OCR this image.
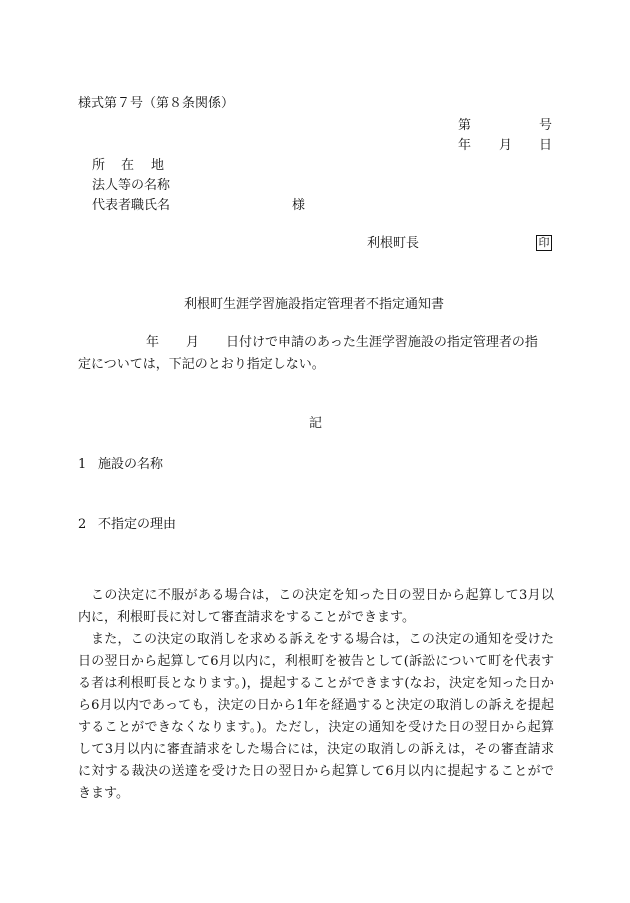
様式第７号（第８条関係）
第	号
年 月 日
所 在 地
法人等の名称
代表者職氏名	様
利根町長	印
利根町生涯学習施設指定管理者不指定通知書
年 月 日付けで申請のあった生涯学習施設の指定管理者の指
定については，下記のとおり指定しない。
記
1 施設の名称
2 不指定の理由

この決定に不服がある場合は，この決定を知った日の翌日から起算して3月以内に，利根町長に対して審査請求をすることができます。

また，この決定の取消しを求める訴えをする場合は，この決定の通知を受けた日の翌日から起算して6月以内に，利根町を被告として(訴訟について町を代表する者は利根町長となります。)，提起することができます(なお，決定を知った日から6月以内であっても，決定の日から1年を経過すると決定の取消しの訴えを提起することができなくなります。)。ただし，決定の通知を受けた日の翌日から起算して3月以内に審査請求をした場合には，決定の取消しの訴えは，その審査請求に対する裁決の送達を受けた日の翌日から起算して6月以内に提起することができます。
